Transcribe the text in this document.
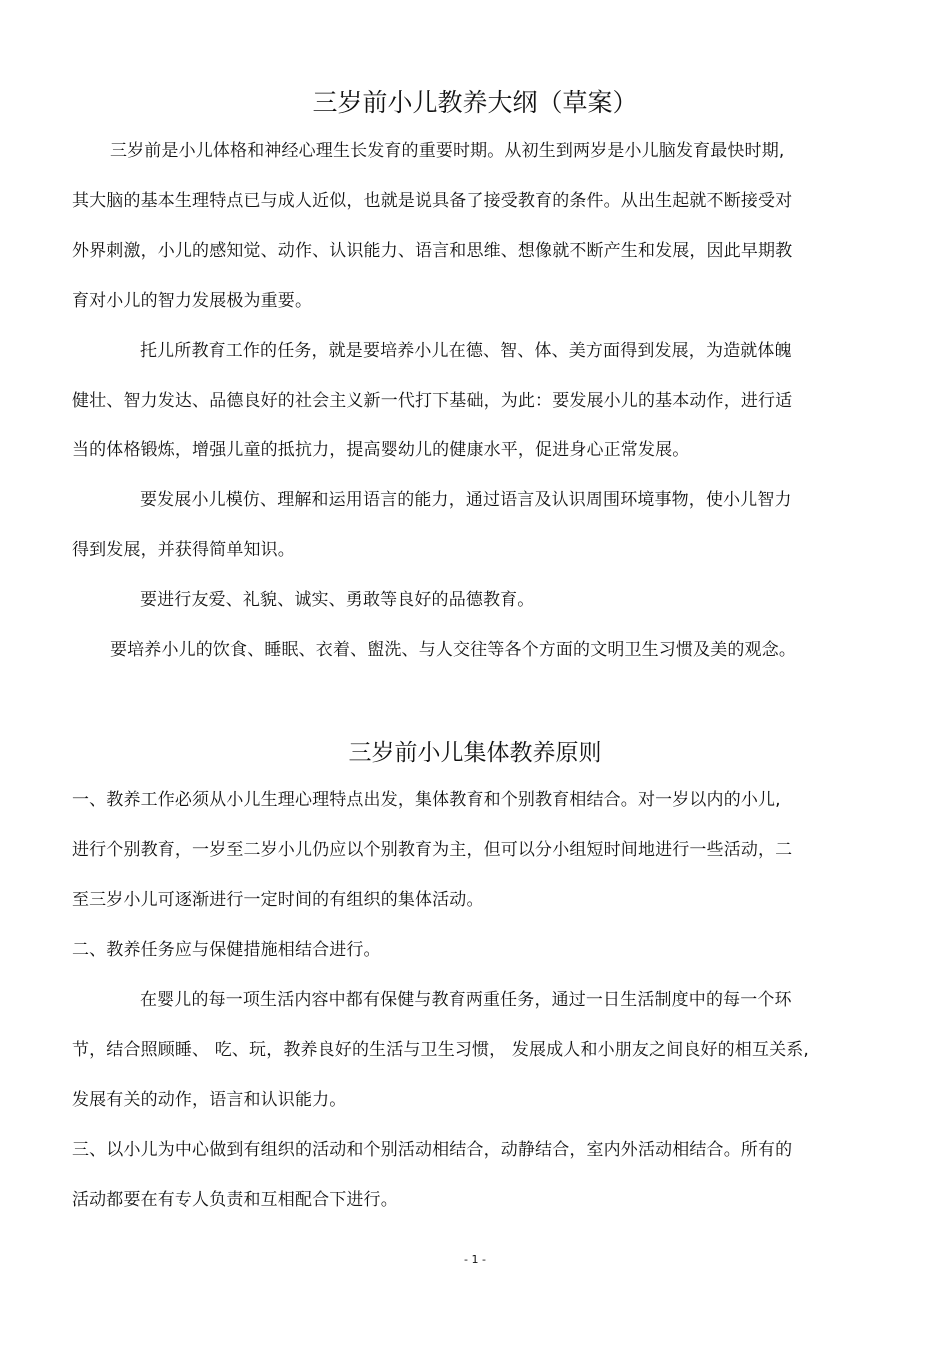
三岁前小儿教养大纲（草案）
三岁前是小儿体格和神经心理生长发育的重要时期。从初生到两岁是小儿脑发育最快时期,
其大脑的基本生理特点已与成人近似，也就是说具备了接受教育的条件。从出生起就不断接受对
外界刺激，小儿的感知觉、动作、认识能力、语言和思维、想像就不断产生和发展，因此早期教
育对小儿的智力发展极为重要。
托儿所教育工作的任务，就是要培养小儿在德、智、体、美方面得到发展，为造就体魄
健壮、智力发达、品德良好的社会主义新一代打下基础，为此：要发展小儿的基本动作，进行适
当的体格锻炼，增强儿童的抵抗力，提高婴幼儿的健康水平，促进身心正常发展。
要发展小儿模仿、理解和运用语言的能力，通过语言及认识周围环境事物，使小儿智力
得到发展，并获得简单知识。
要进行友爱、礼貌、诚实、勇敢等良好的品德教育。
要培养小儿的饮食、睡眠、衣着、盥洗、与人交往等各个方面的文明卫生习惯及美的观念。
三岁前小儿集体教养原则
一、教养工作必须从小儿生理心理特点出发，集体教育和个别教育相结合。对一岁以内的小儿,
进行个别教育，一岁至二岁小儿仍应以个别教育为主，但可以分小组短时间地进行一些活动，二
至三岁小儿可逐渐进行一定时间的有组织的集体活动。
二、教养任务应与保健措施相结合进行。
在婴儿的每一项生活内容中都有保健与教育两重任务，通过一日生活制度中的每一个环
节，结合照顾睡、 吃、玩，教养良好的生活与卫生习惯， 发展成人和小朋友之间良好的相互关系,
发展有关的动作，语言和认识能力。
三、以小儿为中心做到有组织的活动和个别活动相结合，动静结合，室内外活动相结合。所有的
活动都要在有专人负责和互相配合下进行。
- 1 -
